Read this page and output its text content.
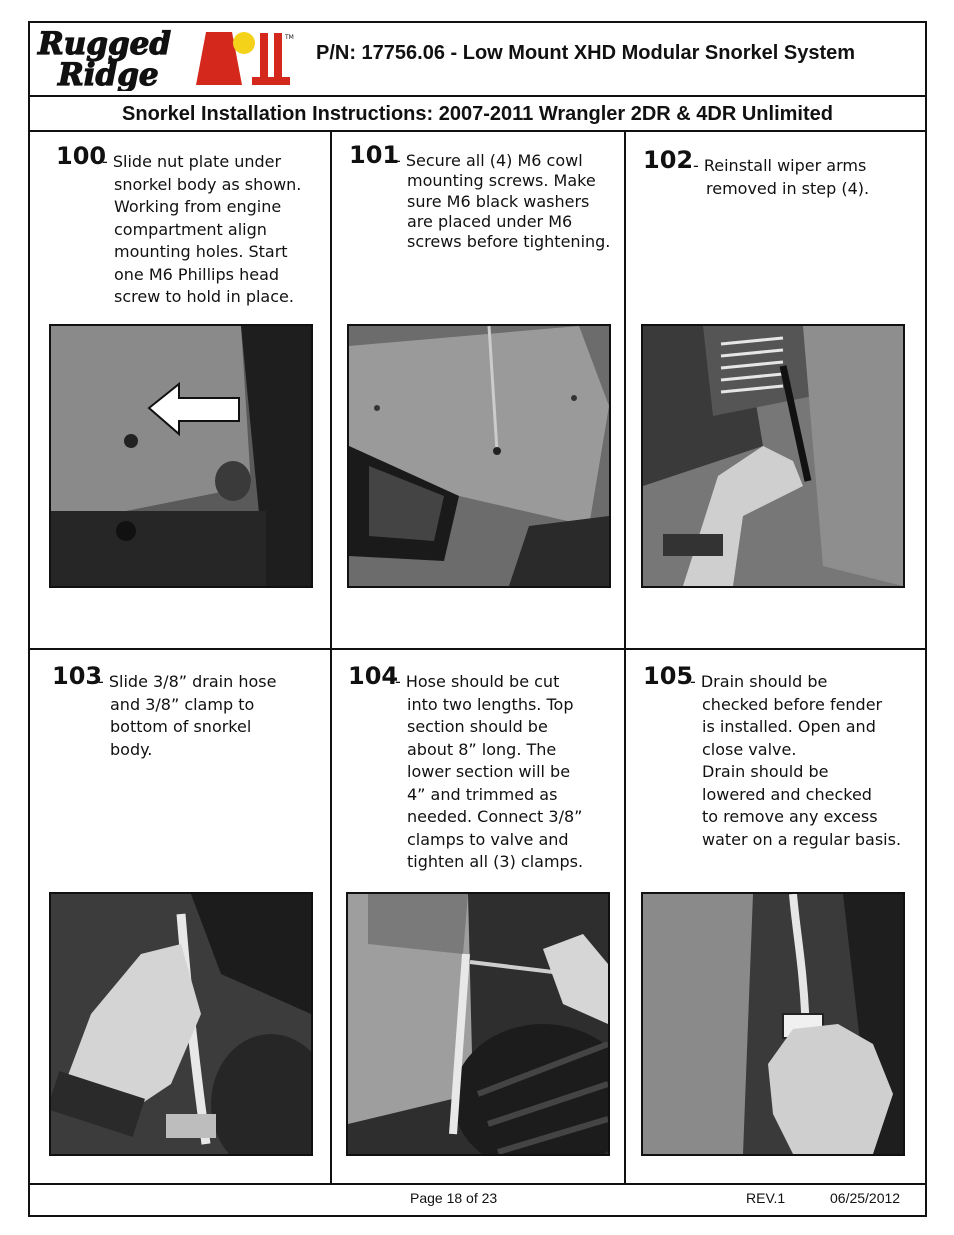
Rugged
Ridge
TM
P/N: 17756.06 - Low Mount XHD Modular Snorkel System
Snorkel Installation Instructions: 2007-2011 Wrangler 2DR & 4DR Unlimited
100
- Slide nut plate under
snorkel body as shown.
Working from engine
compartment align
mounting holes. Start
one M6 Phillips head
screw to hold in place.
101
- Secure all (4) M6 cowl
mounting screws. Make
sure M6 black washers
are placed under M6
screws before tightening.
102 - Reinstall wiper arms
removed in step (4).
103
- Slide 3/8” drain hose
and 3/8” clamp to
bottom of snorkel
body.
104
- Hose should be cut
into two lengths. Top
section should be
about 8” long. The
lower section will be
4” and trimmed as
needed. Connect 3/8”
clamps to valve and
tighten all (3) clamps.
105
- Drain should be
checked before fender
is installed. Open and
close valve.
Drain should be
lowered and checked
to remove any excess
water on a regular basis.
Page 18 of 23	REV.1	06/25/2012
